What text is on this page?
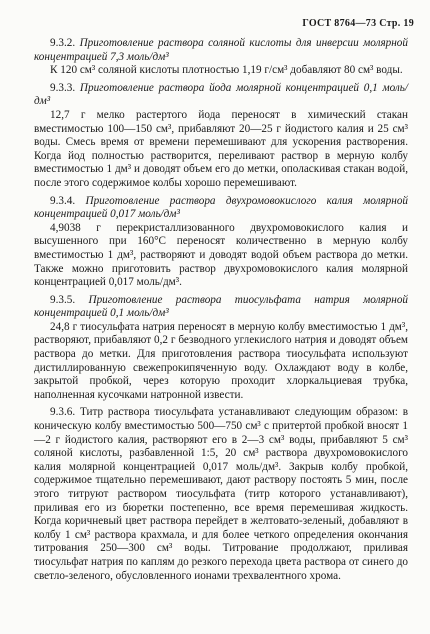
ГОСТ 8764—73 Стр. 19

9.3.2. Приготовление раствора соляной кислоты для инверсии молярной концентрацией 7,3 моль/дм³

К 120 см³ соляной кислоты плотностью 1,19 г/см³ добавляют 80 см³ воды.

9.3.3. Приготовление раствора йода молярной концентрацией 0,1 моль/дм³

12,7 г мелко растертого йода переносят в химический стакан вместимостью 100—150 см³, прибавляют 20—25 г йодистого калия и 25 см³ воды. Смесь время от времени перемешивают для ускорения растворения. Когда йод полностью растворится, переливают раствор в мерную колбу вместимостью 1 дм³ и доводят объем его до метки, ополаскивая стакан водой, после этого содержимое колбы хорошо перемешивают.

9.3.4. Приготовление раствора двухромовокислого калия молярной концентрацией 0,017 моль/дм³

4,9038 г перекристаллизованного двухромовокислого калия и высушенного при 160°С переносят количественно в мерную колбу вместимостью 1 дм³, растворяют и доводят водой объем раствора до метки. Также можно приготовить раствор двухромовокислого калия молярной концентрацией 0,017 моль/дм³.

9.3.5. Приготовление раствора тиосульфата натрия молярной концентрацией 0,1 моль/дм³

24,8 г тиосульфата натрия переносят в мерную колбу вместимостью 1 дм³, растворяют, прибавляют 0,2 г безводного углекислого натрия и доводят объем раствора до метки. Для приготовления раствора тиосульфата используют дистиллированную свежепрокипяченную воду. Охлаждают воду в колбе, закрытой пробкой, через которую проходит хлоркальциевая трубка, наполненная кусочками натронной извести.

9.3.6. Титр раствора тиосульфата устанавливают следующим образом: в коническую колбу вместимостью 500—750 см³ с притертой пробкой вносят 1—2 г йодистого калия, растворяют его в 2—3 см³ воды, прибавляют 5 см³ соляной кислоты, разбавленной 1:5, 20 см³ раствора двухромовокислого калия молярной концентрацией 0,017 моль/дм³. Закрыв колбу пробкой, содержимое тщательно перемешивают, дают раствору постоять 5 мин, после этого титруют раствором тиосульфата (титр которого устанавливают), приливая его из бюретки постепенно, все время перемешивая жидкость. Когда коричневый цвет раствора перейдет в желтовато-зеленый, добавляют в колбу 1 см³ раствора крахмала, и для более четкого определения окончания титрования 250—300 см³ воды. Титрование продолжают, приливая тиосульфат натрия по каплям до резкого перехода цвета раствора от синего до светло-зеленого, обусловленного ионами трехвалентного хрома.
